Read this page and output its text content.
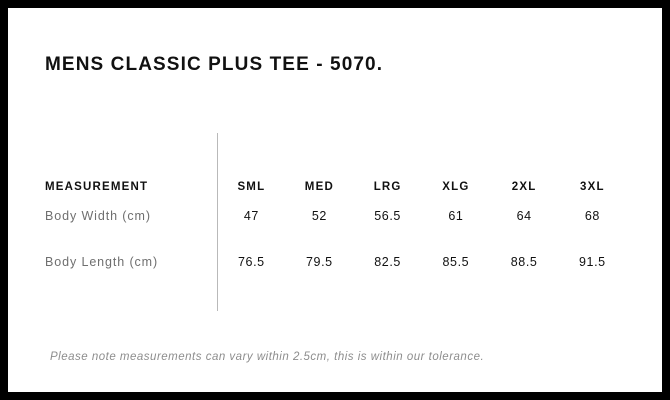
MENS CLASSIC PLUS TEE - 5070.
MEASUREMENT	SML	MED	LRG	XLG	2XL	3XL
Body Width (cm)	47	52	56.5	61	64	68
Body Length (cm)	76.5	79.5	82.5	85.5	88.5	91.5

Please note measurements can vary within 2.5cm, this is within our tolerance.
